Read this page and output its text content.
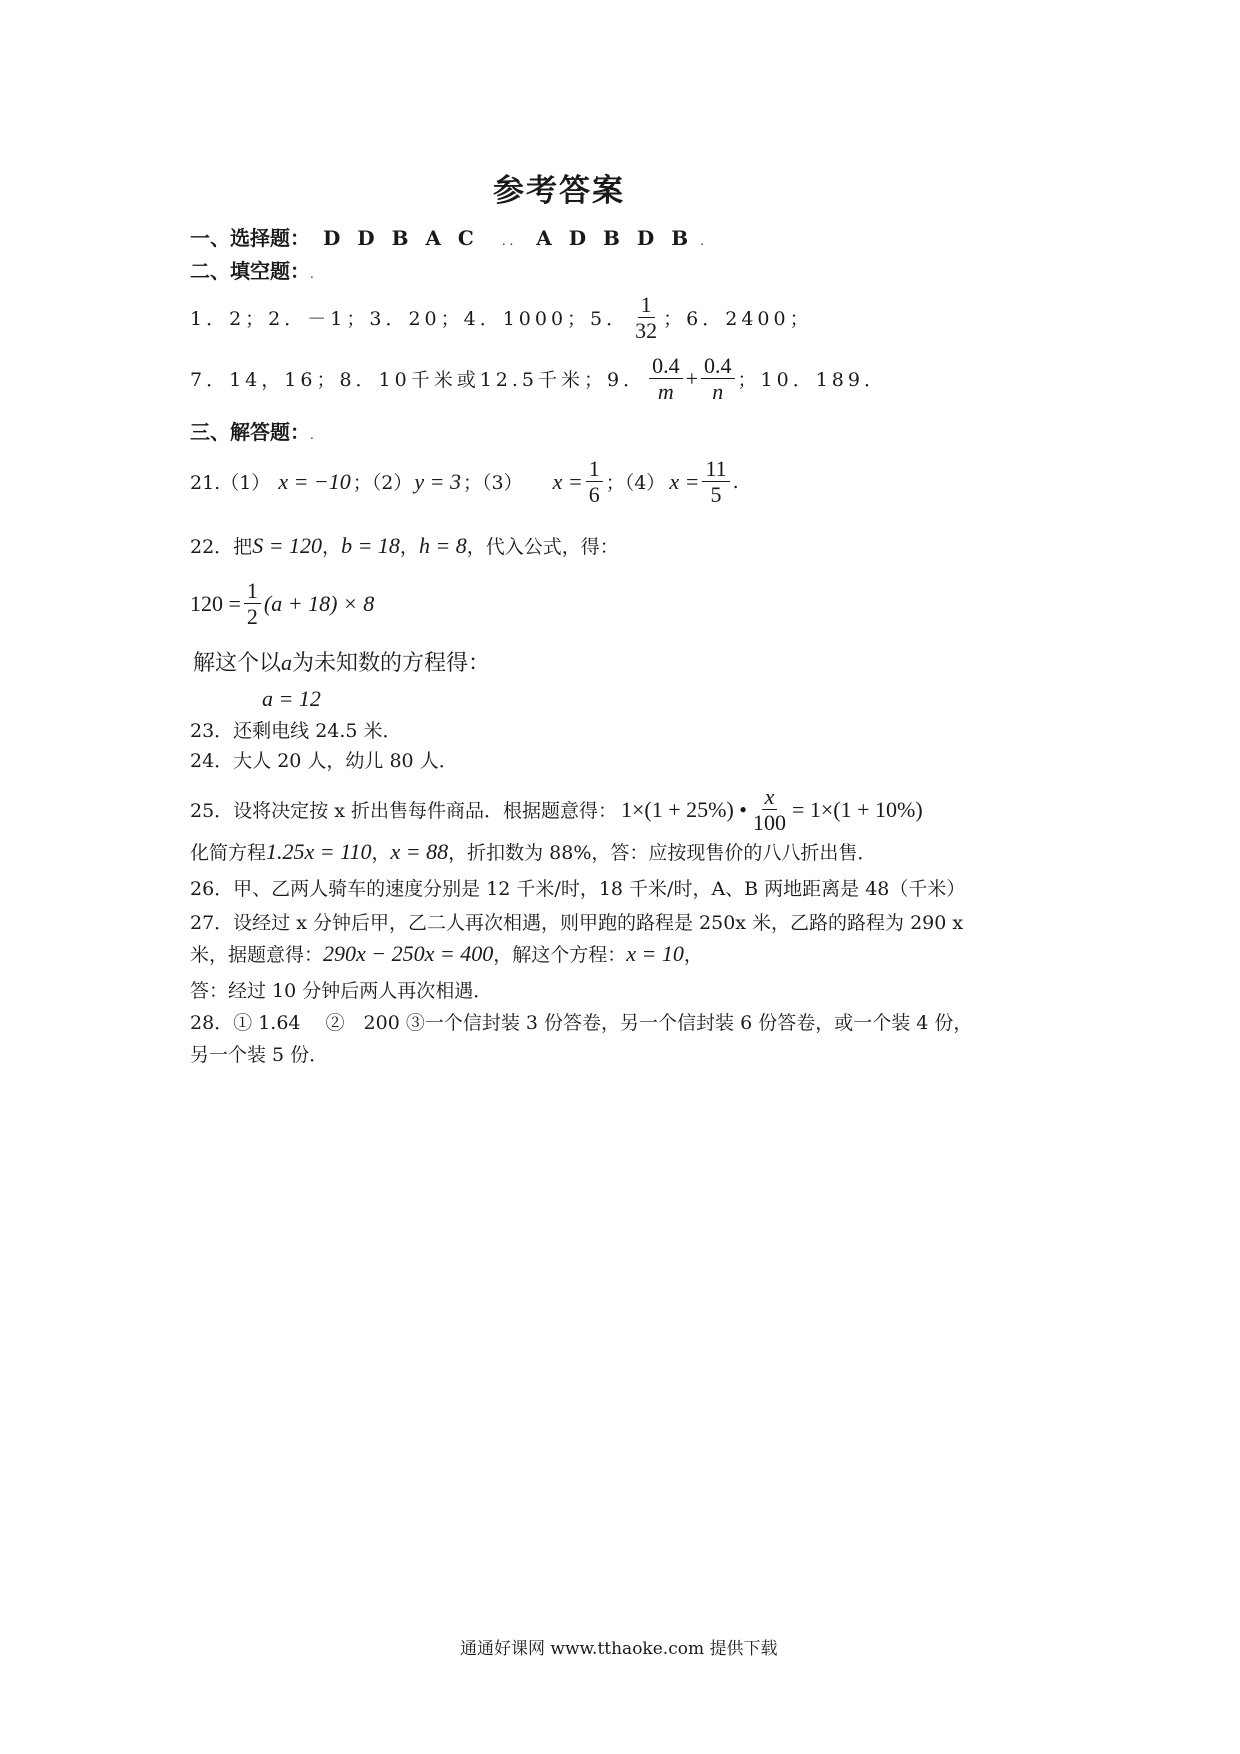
参考答案
一、选择题： D D B A C . . A D B D B .
二、填空题：.
1．2；2．－1；3．20；4．1000；5． $\frac{1}{32}$ ；6．2400；
7．14，16；8．10千米或12.5千米；9． $\frac{0.4}{m} + \frac{0.4}{n}$ ；10．189．
三、解答题：.
21.（1） x = −10 ；（2） y = 3 ；（3） $x = \frac{1}{6}$ ；（4） $x = \frac{11}{5}$ .
22．把S = 120，b = 18，h = 8，代入公式，得：
$120 = \frac{1}{2} (a + 18) \times 8$
解这个以a为未知数的方程得：
a = 12
23．还剩电线 24.5 米．
24．大人 20 人，幼儿 80 人．
25．设将决定按 x 折出售每件商品．根据题意得： 1×(1 + 25%) • $\frac{x}{100} = 1\times(1 + 10\%)$
化简方程1.25x = 110，x = 88，折扣数为 88%，答：应按现售价的八八折出售．
26．甲、乙两人骑车的速度分别是 12 千米/时，18 千米/时，A、B 两地距离是 48（千米）
27．设经过 x 分钟后甲，乙二人再次相遇，则甲跑的路程是 250x 米，乙路的路程为 290 x
米，据题意得：290x − 250x = 400，解这个方程：x = 10，
答：经过 10 分钟后两人再次相遇．
28．① 1.64　 ②　200 ③一个信封装 3 份答卷，另一个信封装 6 份答卷，或一个装 4 份，
另一个装 5 份．
通通好课网 www.tthaoke.com 提供下载
